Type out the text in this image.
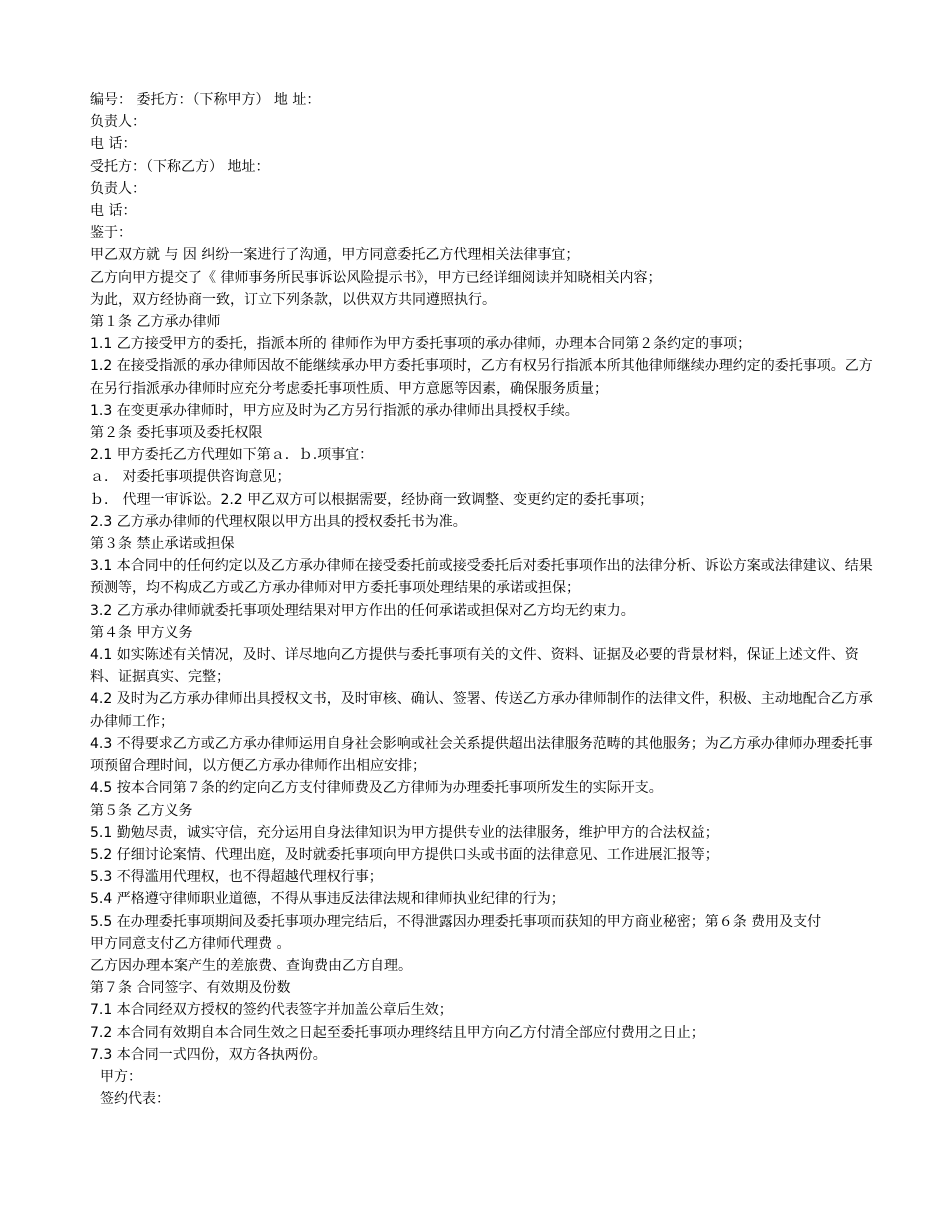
编号： 委托方：（下称甲方） 地 址：
负责人：
电 话：
受托方：（下称乙方） 地址：
负责人：
电 话：
鉴于：
甲乙双方就 与 因 纠纷一案进行了沟通，甲方同意委托乙方代理相关法律事宜；
乙方向甲方提交了《 律师事务所民事诉讼风险提示书》，甲方已经详细阅读并知晓相关内容；
为此，双方经协商一致，订立下列条款，以供双方共同遵照执行。
第１条 乙方承办律师
1.1 乙方接受甲方的委托，指派本所的 律师作为甲方委托事项的承办律师，办理本合同第２条约定的事项；
1.2 在接受指派的承办律师因故不能继续承办甲方委托事项时，乙方有权另行指派本所其他律师继续办理约定的委托事项。乙方在另行指派承办律师时应充分考虑委托事项性质、甲方意愿等因素，确保服务质量；
1.3 在变更承办律师时，甲方应及时为乙方另行指派的承办律师出具授权手续。
第２条 委托事项及委托权限
2.1 甲方委托乙方代理如下第ａ．ｂ.项事宜：
ａ． 对委托事项提供咨询意见；
ｂ． 代理一审诉讼。2.2 甲乙双方可以根据需要，经协商一致调整、变更约定的委托事项；
2.3 乙方承办律师的代理权限以甲方出具的授权委托书为准。
第３条 禁止承诺或担保
3.1 本合同中的任何约定以及乙方承办律师在接受委托前或接受委托后对委托事项作出的法律分析、诉讼方案或法律建议、结果预测等，均不构成乙方或乙方承办律师对甲方委托事项处理结果的承诺或担保；
3.2 乙方承办律师就委托事项处理结果对甲方作出的任何承诺或担保对乙方均无约束力。
第４条 甲方义务
4.1 如实陈述有关情况，及时、详尽地向乙方提供与委托事项有关的文件、资料、证据及必要的背景材料，保证上述文件、资料、证据真实、完整；
4.2 及时为乙方承办律师出具授权文书，及时审核、确认、签署、传送乙方承办律师制作的法律文件，积极、主动地配合乙方承办律师工作；
4.3 不得要求乙方或乙方承办律师运用自身社会影响或社会关系提供超出法律服务范畴的其他服务；为乙方承办律师办理委托事项预留合理时间，以方便乙方承办律师作出相应安排；
4.5 按本合同第７条的约定向乙方支付律师费及乙方律师为办理委托事项所发生的实际开支。
第５条 乙方义务
5.1 勤勉尽责，诚实守信，充分运用自身法律知识为甲方提供专业的法律服务，维护甲方的合法权益；
5.2 仔细讨论案情、代理出庭，及时就委托事项向甲方提供口头或书面的法律意见、工作进展汇报等；
5.3 不得滥用代理权，也不得超越代理权行事；
5.4 严格遵守律师职业道德，不得从事违反法律法规和律师执业纪律的行为；
5.5 在办理委托事项期间及委托事项办理完结后，不得泄露因办理委托事项而获知的甲方商业秘密；第６条 费用及支付
甲方同意支付乙方律师代理费 。
乙方因办理本案产生的差旅费、查询费由乙方自理。
第７条 合同签字、有效期及份数
7.1 本合同经双方授权的签约代表签字并加盖公章后生效；
7.2 本合同有效期自本合同生效之日起至委托事项办理终结且甲方向乙方付清全部应付费用之日止；
7.3 本合同一式四份，双方各执两份。
甲方：
签约代表：
